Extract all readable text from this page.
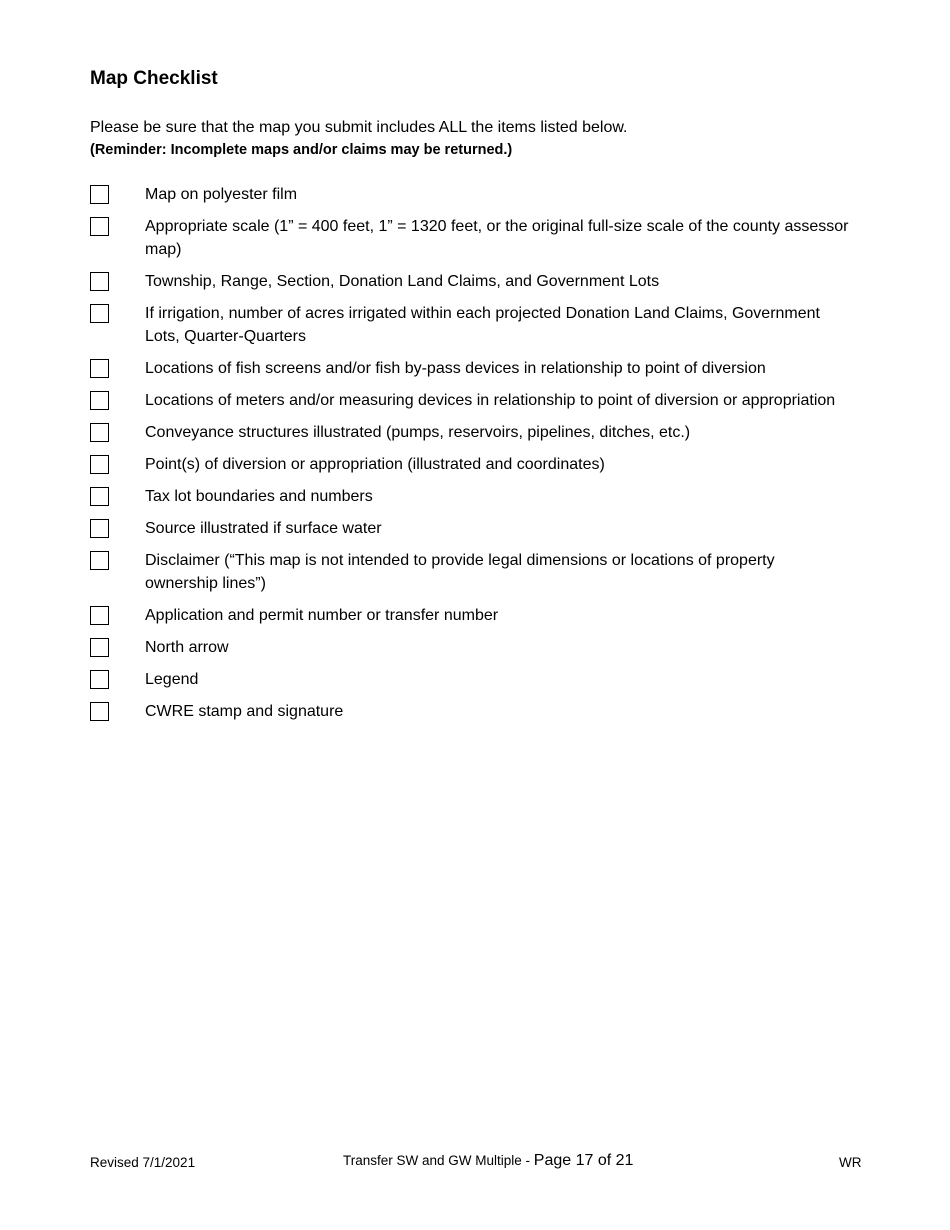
Map Checklist
Please be sure that the map you submit includes ALL the items listed below.
(Reminder: Incomplete maps and/or claims may be returned.)
Map on polyester film
Appropriate scale (1” = 400 feet, 1” = 1320 feet, or the original full-size scale of the county assessor map)
Township, Range, Section, Donation Land Claims, and Government Lots
If irrigation, number of acres irrigated within each projected Donation Land Claims, Government Lots, Quarter-Quarters
Locations of fish screens and/or fish by-pass devices in relationship to point of diversion
Locations of meters and/or measuring devices in relationship to point of diversion or appropriation
Conveyance structures illustrated (pumps, reservoirs, pipelines, ditches, etc.)
Point(s) of diversion or appropriation (illustrated and coordinates)
Tax lot boundaries and numbers
Source illustrated if surface water
Disclaimer (“This map is not intended to provide legal dimensions or locations of property ownership lines”)
Application and permit number or transfer number
North arrow
Legend
CWRE stamp and signature
Revised 7/1/2021	Transfer SW and GW Multiple - Page 17 of 21	WR
